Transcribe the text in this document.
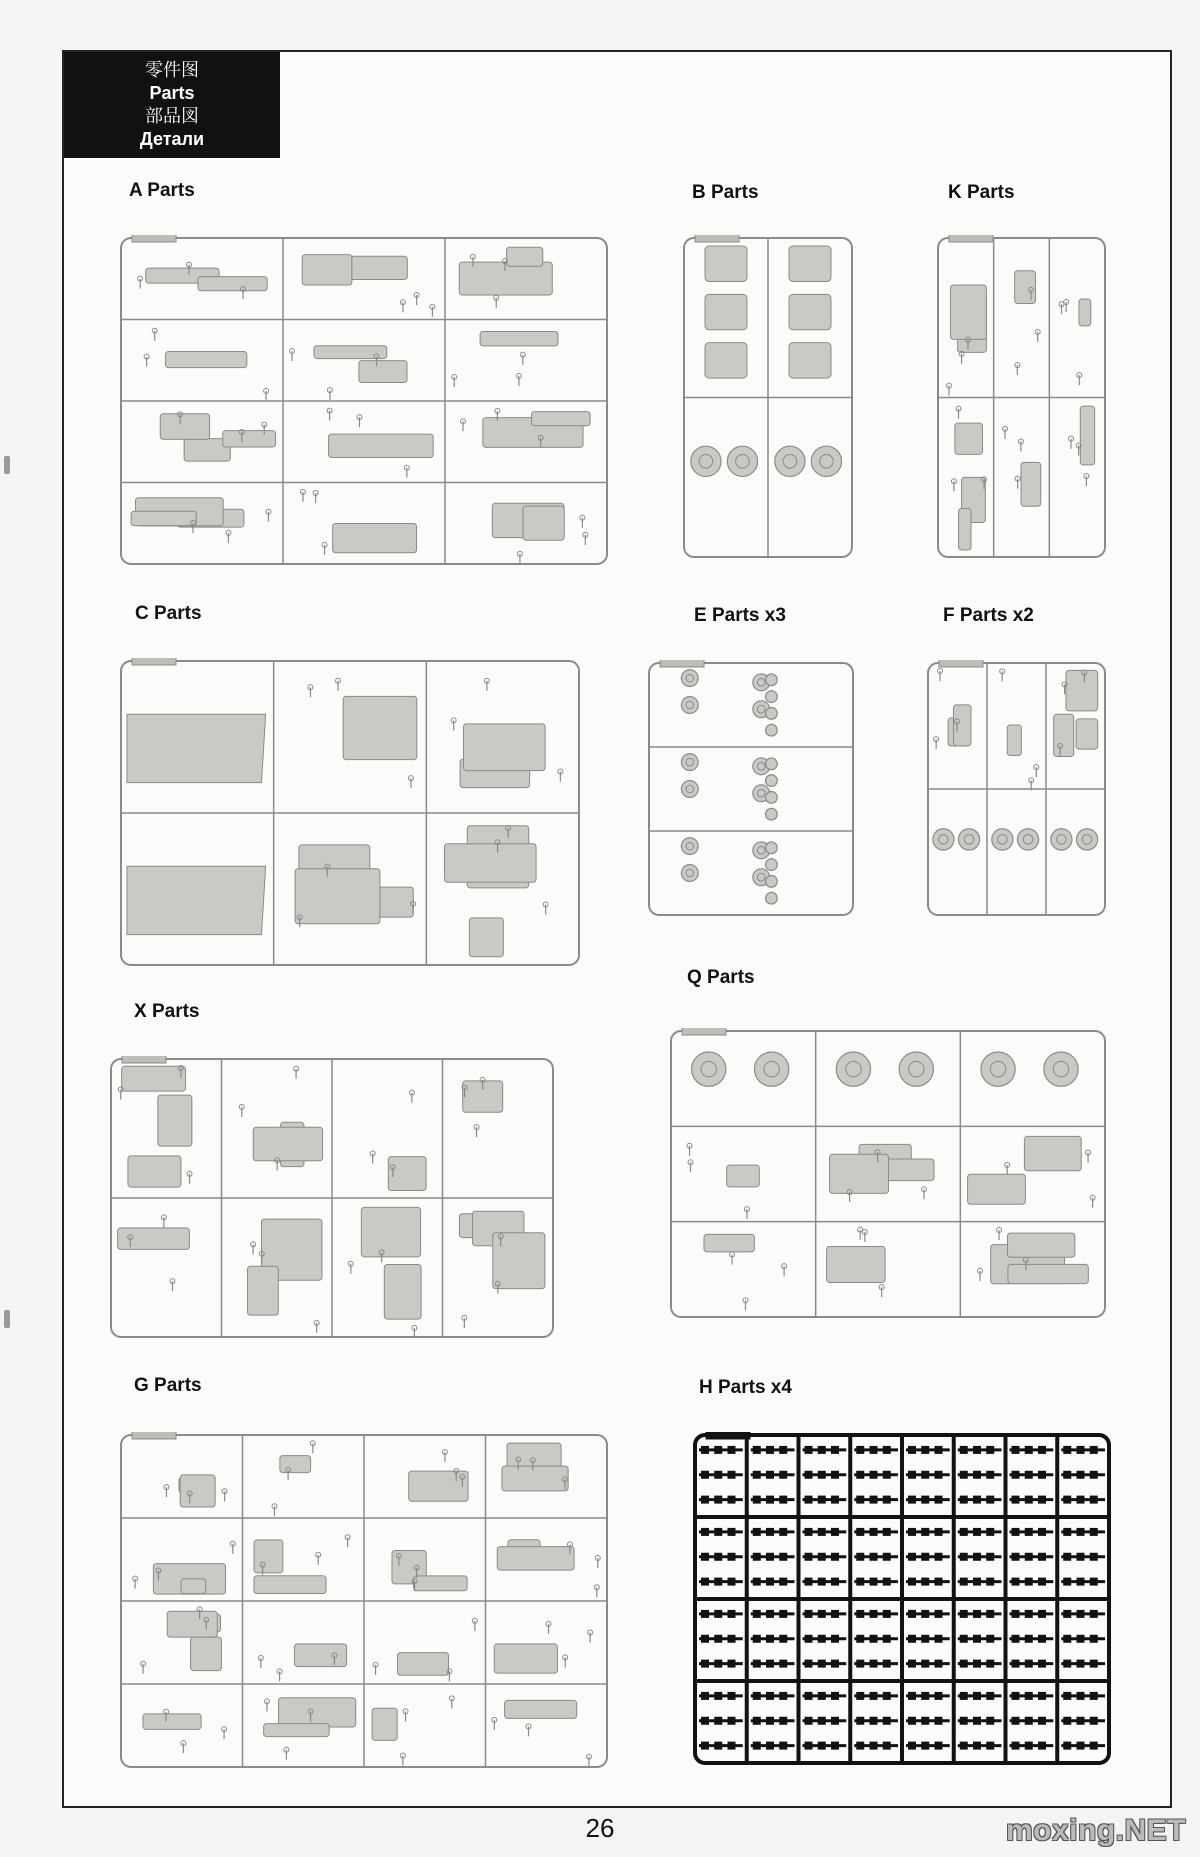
零件图
Parts
部品図
Детали
A Parts	B Parts	K Parts
C Parts	E Parts x3	F Parts x2
Q Parts
X Parts
G Parts	H Parts x4
26	moxing.NET
